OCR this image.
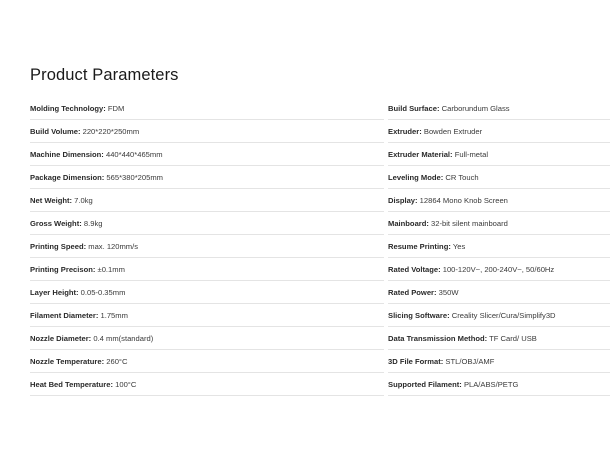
Product Parameters
Molding Technology: FDM
Build Volume: 220*220*250mm
Machine Dimension: 440*440*465mm
Package Dimension: 565*380*205mm
Net Weight: 7.0kg
Gross Weight: 8.9kg
Printing Speed: max. 120mm/s
Printing Precison: ±0.1mm
Layer Height: 0.05-0.35mm
Filament Diameter: 1.75mm
Nozzle Diameter: 0.4 mm(standard)
Nozzle Temperature: 260°C
Heat Bed Temperature: 100°C
Build Surface: Carborundum Glass
Extruder: Bowden Extruder
Extruder Material: Full-metal
Leveling Mode: CR Touch
Display: 12864 Mono Knob Screen
Mainboard: 32-bit silent mainboard
Resume Printing: Yes
Rated Voltage: 100-120V~, 200-240V~, 50/60Hz
Rated Power: 350W
Slicing Software: Creality Slicer/Cura/Simplify3D
Data Transmission Method: TF Card/ USB
3D File Format: STL/OBJ/AMF
Supported Filament: PLA/ABS/PETG
